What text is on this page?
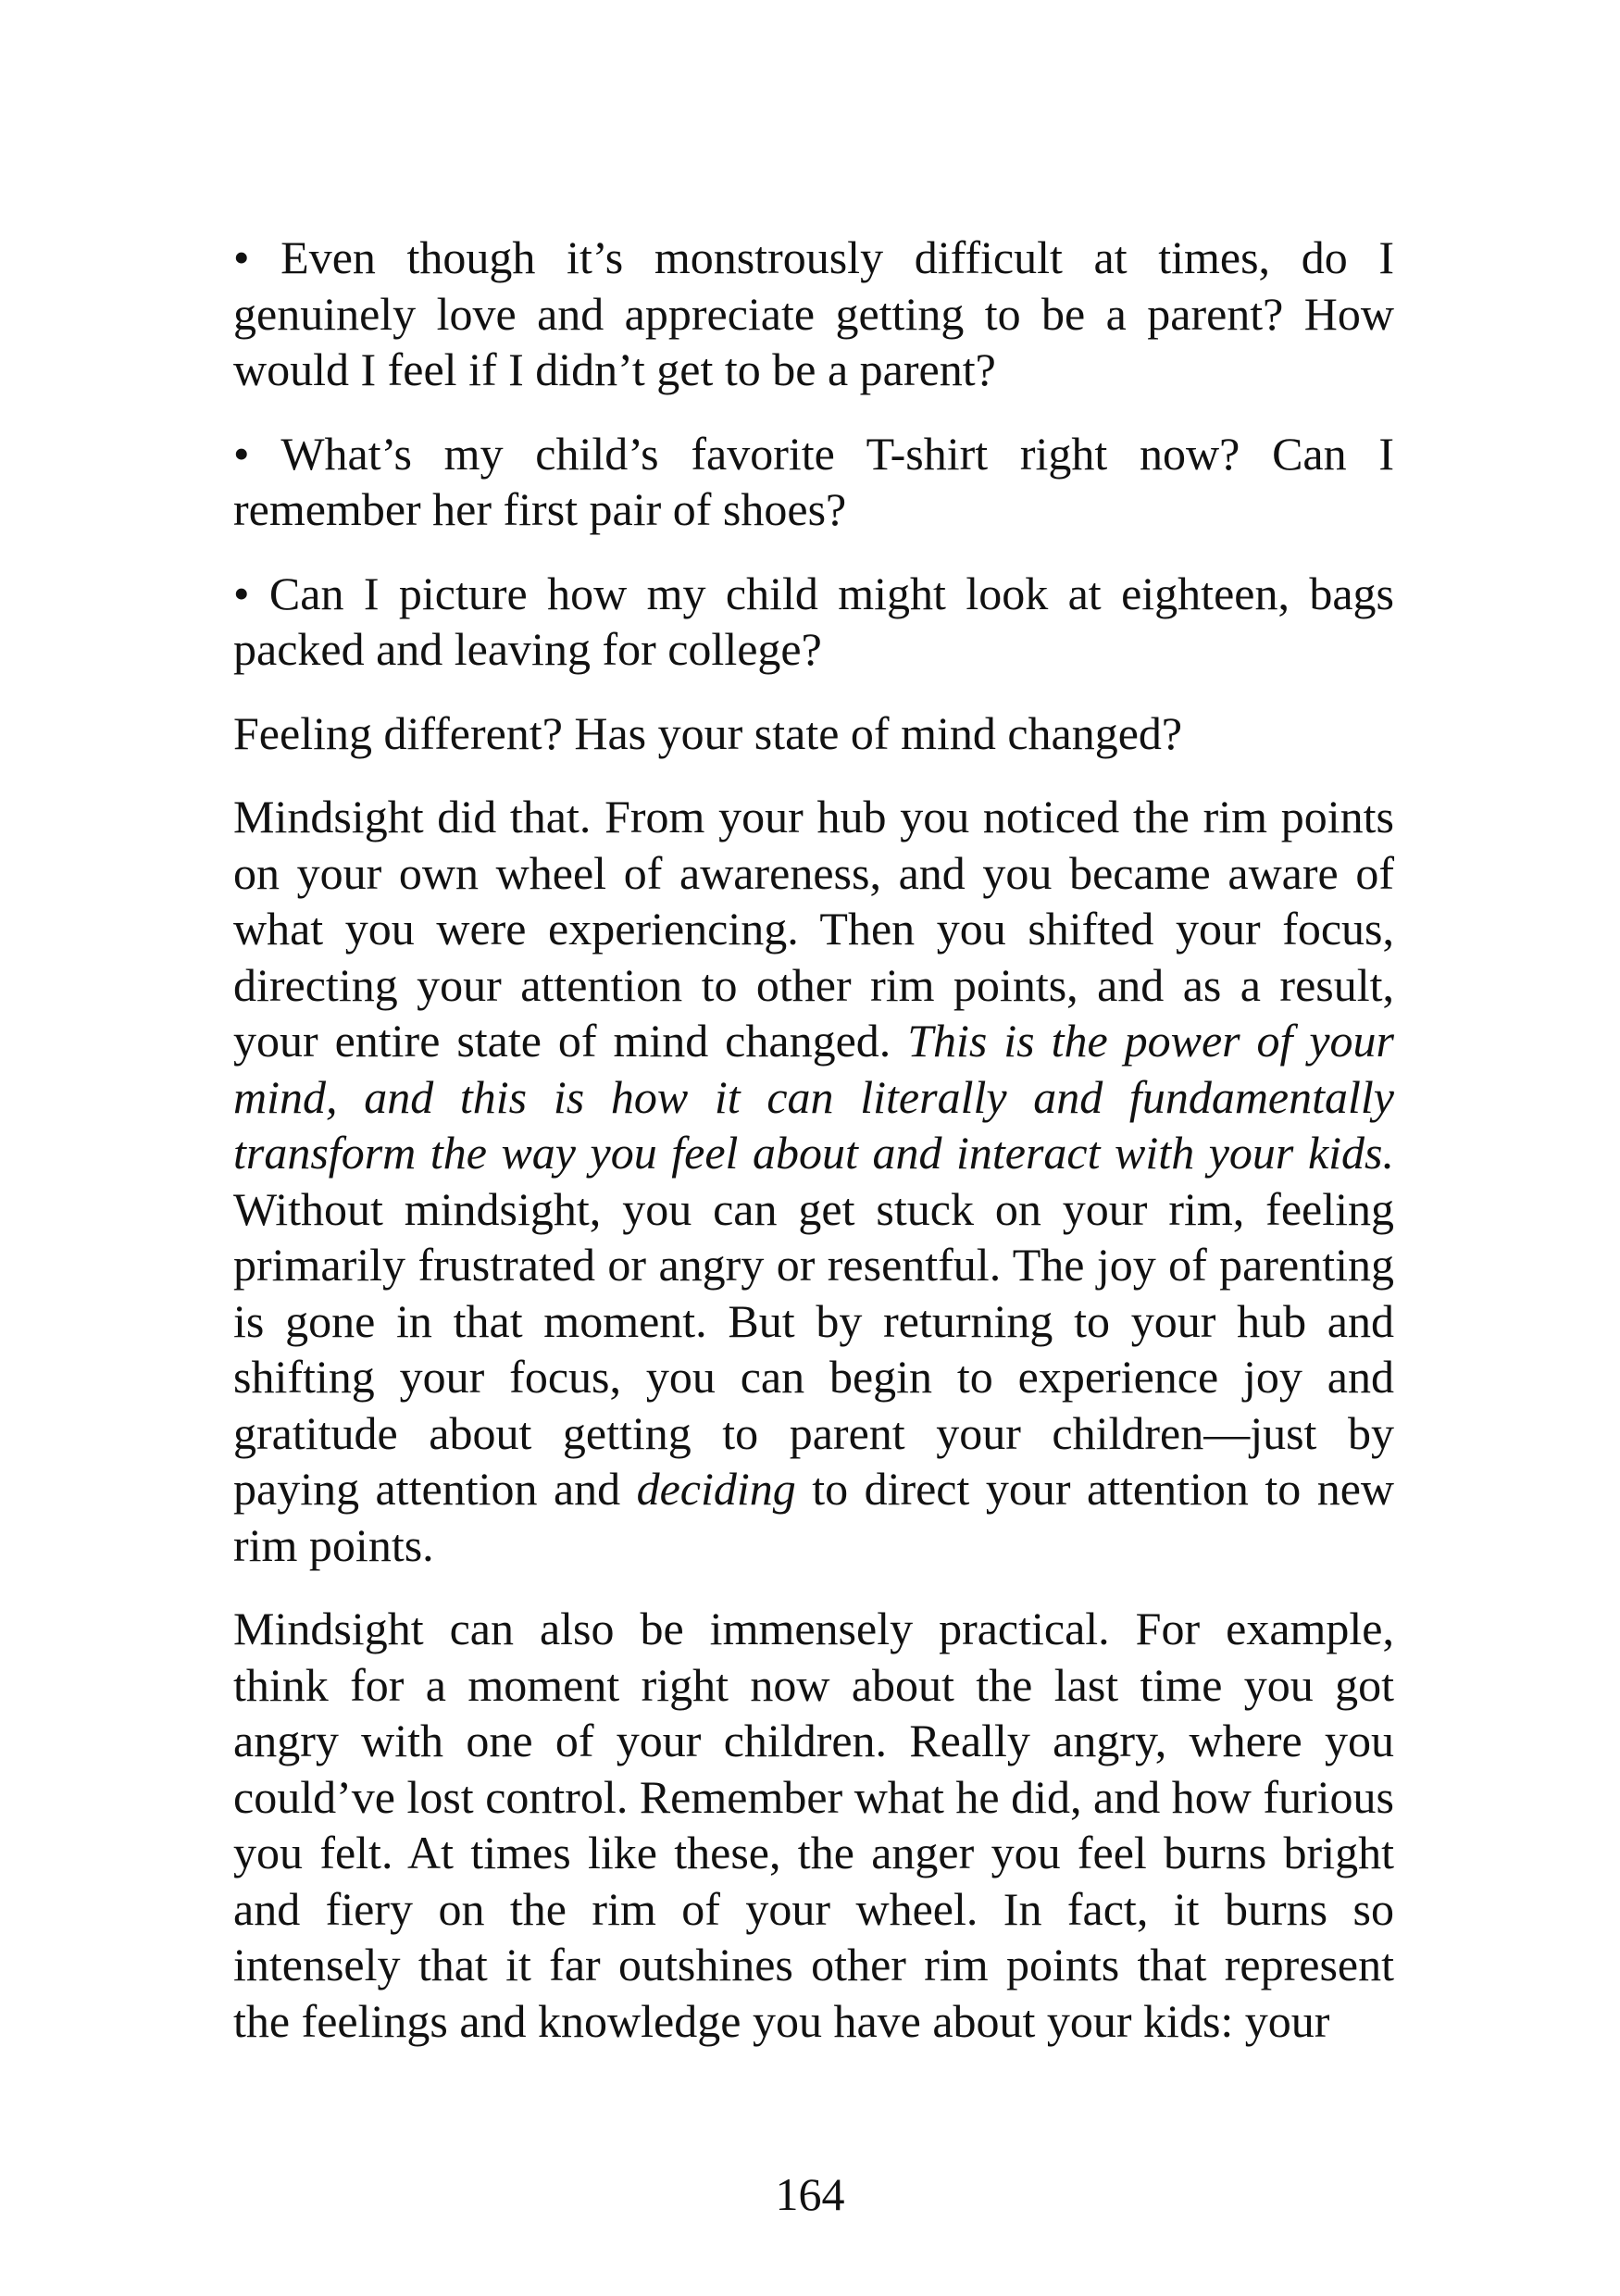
• Even though it’s monstrously difficult at times, do I genuinely love and appreciate getting to be a parent? How would I feel if I didn’t get to be a parent?

• What’s my child’s favorite T-shirt right now? Can I remember her first pair of shoes?

• Can I picture how my child might look at eighteen, bags packed and leaving for college?

Feeling different? Has your state of mind changed?

Mindsight did that. From your hub you noticed the rim points on your own wheel of awareness, and you became aware of what you were experiencing. Then you shifted your focus, directing your attention to other rim points, and as a result, your entire state of mind changed. This is the power of your mind, and this is how it can literally and fundamentally transform the way you feel about and interact with your kids. Without mindsight, you can get stuck on your rim, feeling primarily frustrated or angry or resentful. The joy of parenting is gone in that moment. But by returning to your hub and shifting your focus, you can begin to experience joy and gratitude about getting to parent your children—just by paying attention and deciding to direct your attention to new rim points.

Mindsight can also be immensely practical. For example, think for a moment right now about the last time you got angry with one of your children. Really angry, where you could’ve lost control. Remember what he did, and how furious you felt. At times like these, the anger you feel burns bright and fiery on the rim of your wheel. In fact, it burns so intensely that it far outshines other rim points that represent the feelings and knowledge you have about your kids: your

164
